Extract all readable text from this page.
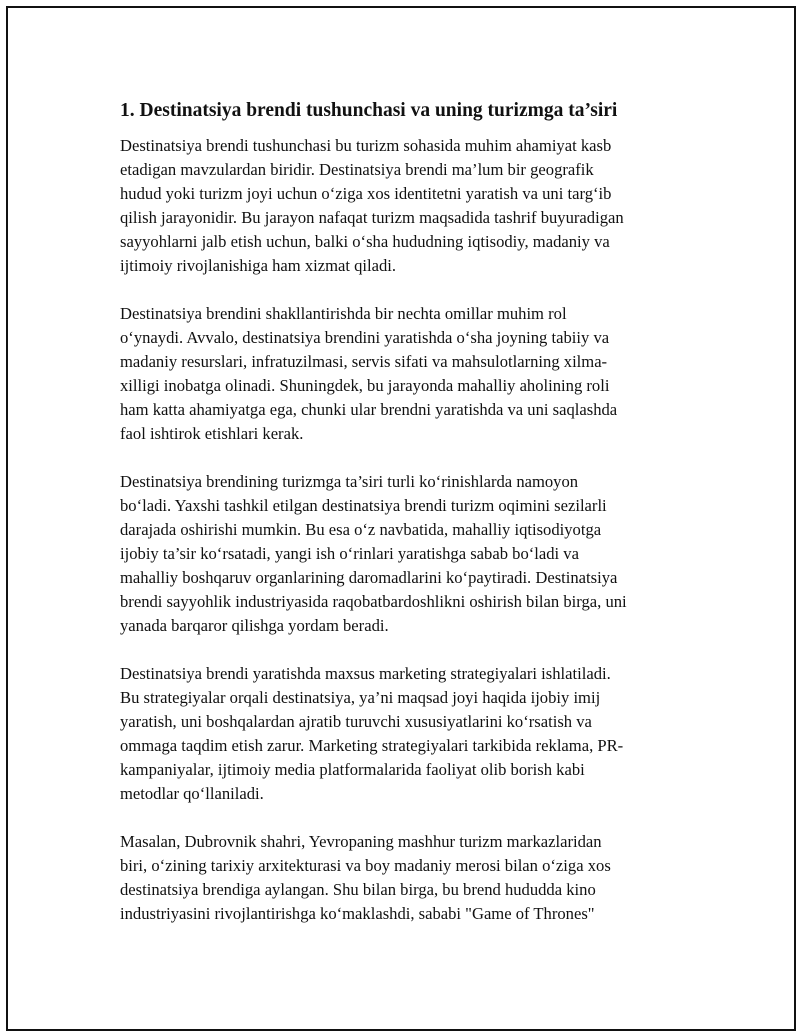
1. Destinatsiya brendi tushunchasi va uning turizmga ta’siri

Destinatsiya brendi tushunchasi bu turizm sohasida muhim ahamiyat kasb
etadigan mavzulardan biridir. Destinatsiya brendi ma’lum bir geografik
hudud yoki turizm joyi uchun o‘ziga xos identitetni yaratish va uni targ‘ib
qilish jarayonidir. Bu jarayon nafaqat turizm maqsadida tashrif buyuradigan
sayyohlarni jalb etish uchun, balki o‘sha hududning iqtisodiy, madaniy va
ijtimoiy rivojlanishiga ham xizmat qiladi.

Destinatsiya brendini shakllantirishda bir nechta omillar muhim rol
o‘ynaydi. Avvalo, destinatsiya brendini yaratishda o‘sha joyning tabiiy va
madaniy resurslari, infratuzilmasi, servis sifati va mahsulotlarning xilma-
xilligi inobatga olinadi. Shuningdek, bu jarayonda mahalliy aholining roli
ham katta ahamiyatga ega, chunki ular brendni yaratishda va uni saqlashda
faol ishtirok etishlari kerak.

Destinatsiya brendining turizmga ta’siri turli ko‘rinishlarda namoyon
bo‘ladi. Yaxshi tashkil etilgan destinatsiya brendi turizm oqimini sezilarli
darajada oshirishi mumkin. Bu esa o‘z navbatida, mahalliy iqtisodiyotga
ijobiy ta’sir ko‘rsatadi, yangi ish o‘rinlari yaratishga sabab bo‘ladi va
mahalliy boshqaruv organlarining daromadlarini ko‘paytiradi. Destinatsiya
brendi sayyohlik industriyasida raqobatbardoshlikni oshirish bilan birga, uni
yanada barqaror qilishga yordam beradi.

Destinatsiya brendi yaratishda maxsus marketing strategiyalari ishlatiladi.
Bu strategiyalar orqali destinatsiya, ya’ni maqsad joyi haqida ijobiy imij
yaratish, uni boshqalardan ajratib turuvchi xususiyatlarini ko‘rsatish va
ommaga taqdim etish zarur. Marketing strategiyalari tarkibida reklama, PR-
kampaniyalar, ijtimoiy media platformalarida faoliyat olib borish kabi
metodlar qo‘llaniladi.

Masalan, Dubrovnik shahri, Yevropaning mashhur turizm markazlaridan
biri, o‘zining tarixiy arxitekturasi va boy madaniy merosi bilan o‘ziga xos
destinatsiya brendiga aylangan. Shu bilan birga, bu brend hududda kino
industriyasini rivojlantirishga ko‘maklashdi, sababi "Game of Thrones"
